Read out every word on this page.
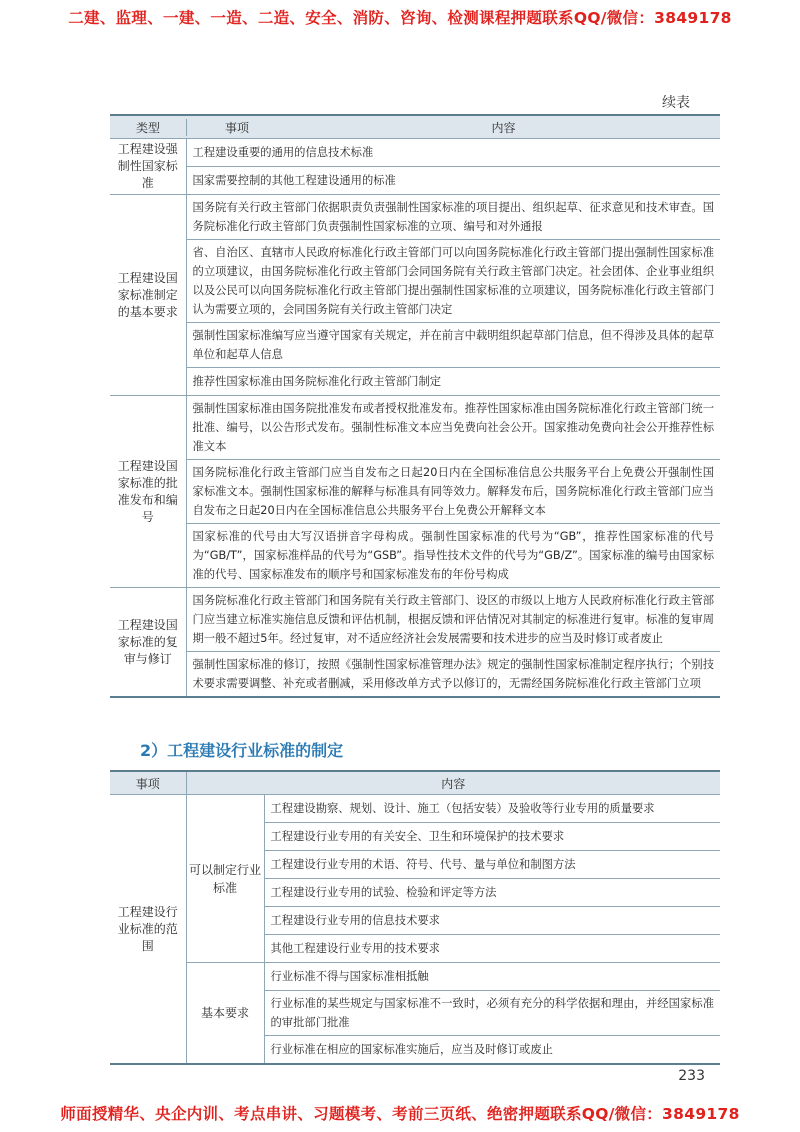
二建、监理、一建、一造、二造、安全、消防、咨询、检测课程押题联系QQ/微信：3849178
续表
类型 事项 内容	

工程建设强制性国家标准	工程建设重要的通用的信息技术标准
	国家需要控制的其他工程建设通用的标准
工程建设国家标准制定的基本要求	国务院有关行政主管部门依据职责负责强制性国家标准的项目提出、组织起草、征求意见和技术审查。国务院标准化行政主管部门负责强制性国家标准的立项、编号和对外通报
	省、自治区、直辖市人民政府标准化行政主管部门可以向国务院标准化行政主管部门提出强制性国家标准的立项建议，由国务院标准化行政主管部门会同国务院有关行政主管部门决定。社会团体、企业事业组织以及公民可以向国务院标准化行政主管部门提出强制性国家标准的立项建议，国务院标准化行政主管部门认为需要立项的，会同国务院有关行政主管部门决定
	强制性国家标准编写应当遵守国家有关规定，并在前言中载明组织起草部门信息，但不得涉及具体的起草单位和起草人信息
	推荐性国家标准由国务院标准化行政主管部门制定
工程建设国家标准的批准发布和编号	强制性国家标准由国务院批准发布或者授权批准发布。推荐性国家标准由国务院标准化行政主管部门统一批准、编号，以公告形式发布。强制性标准文本应当免费向社会公开。国家推动免费向社会公开推荐性标准文本
	国务院标准化行政主管部门应当自发布之日起20日内在全国标准信息公共服务平台上免费公开强制性国家标准文本。强制性国家标准的解释与标准具有同等效力。解释发布后，国务院标准化行政主管部门应当自发布之日起20日内在全国标准信息公共服务平台上免费公开解释文本
	国家标准的代号由大写汉语拼音字母构成。强制性国家标准的代号为“GB”，推荐性国家标准的代号为“GB/T”，国家标准样品的代号为“GSB”。指导性技术文件的代号为“GB/Z”。国家标准的编号由国家标准的代号、国家标准发布的顺序号和国家标准发布的年份号构成
工程建设国家标准的复审与修订	国务院标准化行政主管部门和国务院有关行政主管部门、设区的市级以上地方人民政府标准化行政主管部门应当建立标准实施信息反馈和评估机制，根据反馈和评估情况对其制定的标准进行复审。标准的复审周期一般不超过5年。经过复审，对不适应经济社会发展需要和技术进步的应当及时修订或者废止
	强制性国家标准的修订，按照《强制性国家标准管理办法》规定的强制性国家标准制定程序执行；个别技术要求需要调整、补充或者删减，采用修改单方式予以修订的，无需经国务院标准化行政主管部门立项
2）工程建设行业标准的制定
事项	内容	
工程建设行业标准的范围	可以制定行业标准	工程建设勘察、规划、设计、施工（包括安装）及验收等行业专用的质量要求
		工程建设行业专用的有关安全、卫生和环境保护的技术要求
		工程建设行业专用的术语、符号、代号、量与单位和制图方法
		工程建设行业专用的试验、检验和评定等方法
		工程建设行业专用的信息技术要求
		其他工程建设行业专用的技术要求
	基本要求	行业标准不得与国家标准相抵触
		行业标准的某些规定与国家标准不一致时，必须有充分的科学依据和理由，并经国家标准的审批部门批准
		行业标准在相应的国家标准实施后，应当及时修订或废止
233
师面授精华、央企内训、考点串讲、习题模考、考前三页纸、绝密押题联系QQ/微信：3849178
